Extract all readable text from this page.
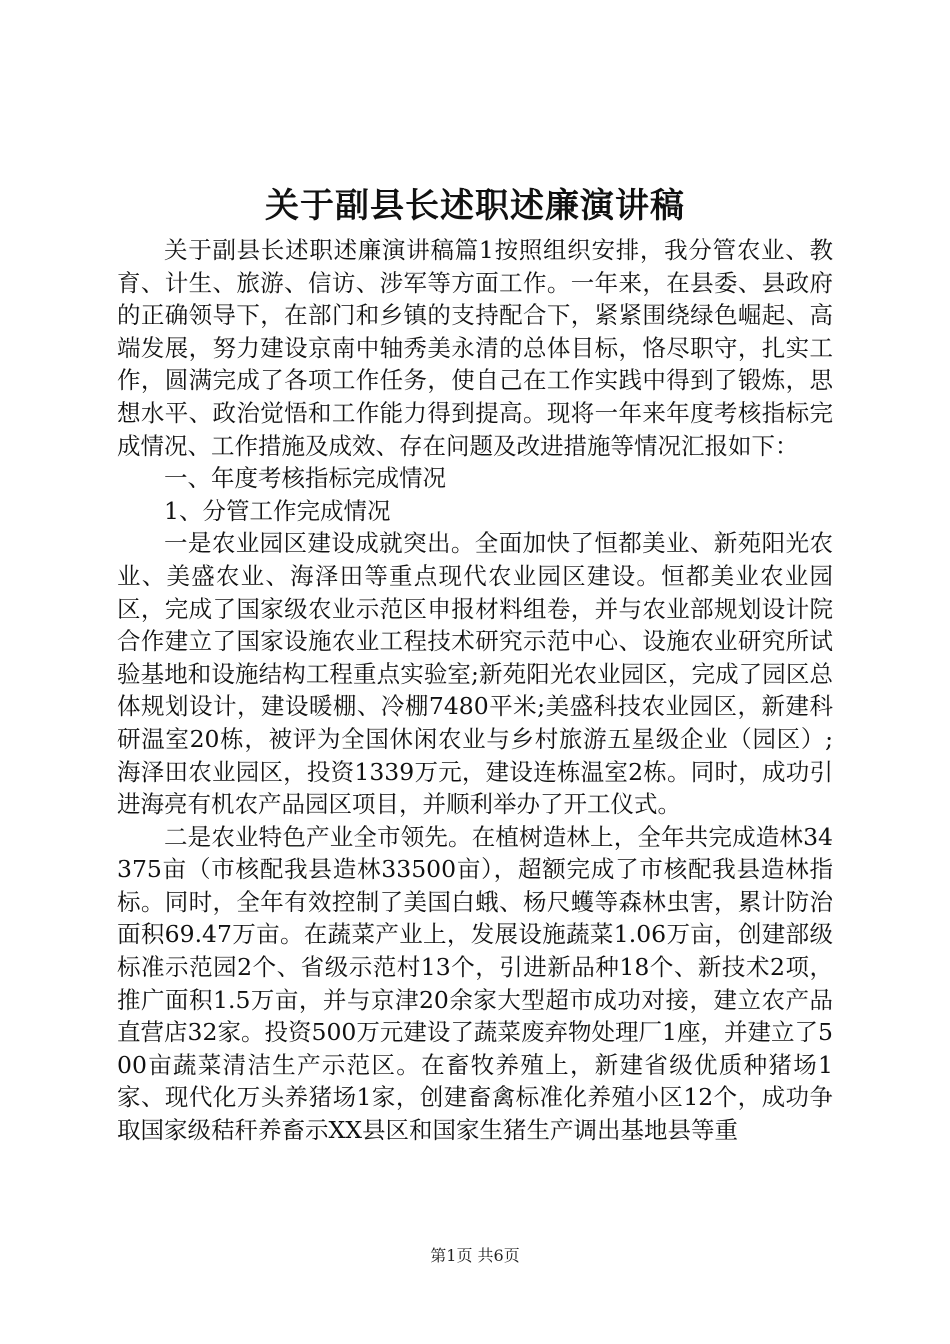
关于副县长述职述廉演讲稿

关于副县长述职述廉演讲稿篇1按照组织安排，我分管农业、教育、计生、旅游、信访、涉军等方面工作。一年来，在县委、县政府的正确领导下，在部门和乡镇的支持配合下，紧紧围绕绿色崛起、高端发展，努力建设京南中轴秀美永清的总体目标，恪尽职守，扎实工作，圆满完成了各项工作任务，使自己在工作实践中得到了锻炼，思想水平、政治觉悟和工作能力得到提高。现将一年来年度考核指标完成情况、工作措施及成效、存在问题及改进措施等情况汇报如下：

一、年度考核指标完成情况

1、分管工作完成情况

一是农业园区建设成就突出。全面加快了恒都美业、新苑阳光农业、美盛农业、海泽田等重点现代农业园区建设。恒都美业农业园区，完成了国家级农业示范区申报材料组卷，并与农业部规划设计院合作建立了国家设施农业工程技术研究示范中心、设施农业研究所试验基地和设施结构工程重点实验室;新苑阳光农业园区，完成了园区总体规划设计，建设暖棚、冷棚7480平米;美盛科技农业园区，新建科研温室20栋，被评为全国休闲农业与乡村旅游五星级企业（园区）;海泽田农业园区，投资1339万元，建设连栋温室2栋。同时，成功引进海亮有机农产品园区项目，并顺利举办了开工仪式。

二是农业特色产业全市领先。在植树造林上，全年共完成造林34375亩（市核配我县造林33500亩），超额完成了市核配我县造林指标。同时，全年有效控制了美国白蛾、杨尺蠖等森林虫害，累计防治面积69.47万亩。在蔬菜产业上，发展设施蔬菜1.06万亩，创建部级标准示范园2个、省级示范村13个，引进新品种18个、新技术2项，推广面积1.5万亩，并与京津20余家大型超市成功对接，建立农产品直营店32家。投资500万元建设了蔬菜废弃物处理厂1座，并建立了500亩蔬菜清洁生产示范区。在畜牧养殖上，新建省级优质种猪场1家、现代化万头养猪场1家，创建畜禽标准化养殖小区12个，成功争取国家级秸秆养畜示XX县区和国家生猪生产调出基地县等重

第1页 共6页
